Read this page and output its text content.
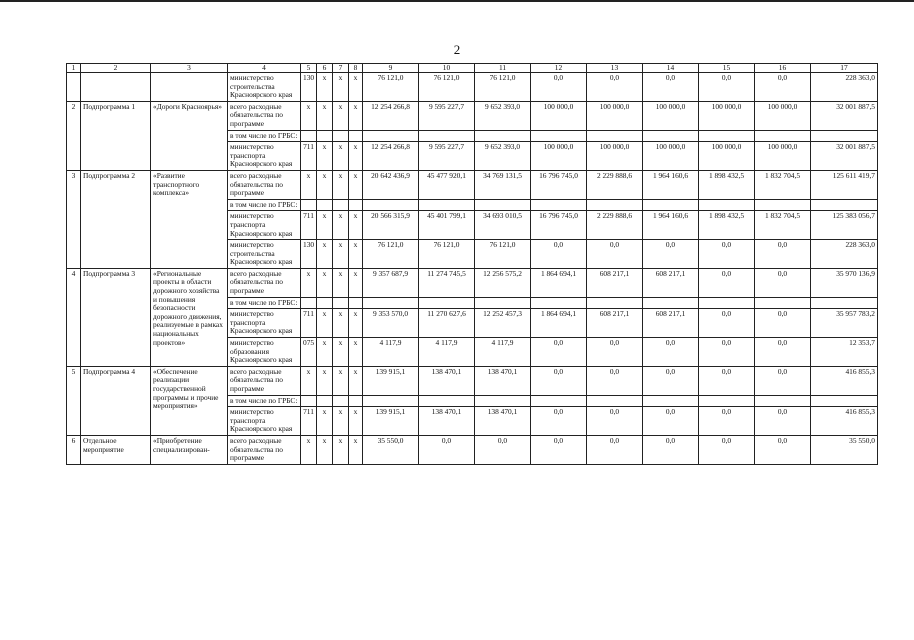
2
1	2	3	4	5	6	7	8	9	10	11	12	13	14	15	16	17
			министерство строительства Красноярского края	130	x	x	x	76 121,0	76 121,0	76 121,0	0,0	0,0	0,0	0,0	0,0	228 363,0
2	Подпрограмма 1	«Дороги Красноярья»	всего расходные обязательства по программе	x	x	x	x	12 254 266,8	9 595 227,7	9 652 393,0	100 000,0	100 000,0	100 000,0	100 000,0	100 000,0	32 001 887,5
			в том числе по ГРБС:													
			министерство транспорта Красноярского края	711	x	x	x	12 254 266,8	9 595 227,7	9 652 393,0	100 000,0	100 000,0	100 000,0	100 000,0	100 000,0	32 001 887,5
3	Подпрограмма 2	«Развитие транспортного комплекса»	всего расходные обязательства по программе	x	x	x	x	20 642 436,9	45 477 920,1	34 769 131,5	16 796 745,0	2 229 888,6	1 964 160,6	1 898 432,5	1 832 704,5	125 611 419,7
			в том числе по ГРБС:													
			министерство транспорта Красноярского края	711	x	x	x	20 566 315,9	45 401 799,1	34 693 010,5	16 796 745,0	2 229 888,6	1 964 160,6	1 898 432,5	1 832 704,5	125 383 056,7
			министерство строительства Красноярского края	130	x	x	x	76 121,0	76 121,0	76 121,0	0,0	0,0	0,0	0,0	0,0	228 363,0
4	Подпрограмма 3	«Региональные проекты в области дорожного хозяйства и повышения безопасности дорожного движения, реализуемые в рамках национальных проектов»	всего расходные обязательства по программе	x	x	x	x	9 357 687,9	11 274 745,5	12 256 575,2	1 864 694,1	608 217,1	608 217,1	0,0	0,0	35 970 136,9
			в том числе по ГРБС:													
			министерство транспорта Красноярского края	711	x	x	x	9 353 570,0	11 270 627,6	12 252 457,3	1 864 694,1	608 217,1	608 217,1	0,0	0,0	35 957 783,2
			министерство образования Красноярского края	075	x	x	x	4 117,9	4 117,9	4 117,9	0,0	0,0	0,0	0,0	0,0	12 353,7
5	Подпрограмма 4	«Обеспечение реализации государственной программы и прочие мероприятия»	всего расходные обязательства по программе	x	x	x	x	139 915,1	138 470,1	138 470,1	0,0	0,0	0,0	0,0	0,0	416 855,3
			в том числе по ГРБС:													
			министерство транспорта Красноярского края	711	x	x	x	139 915,1	138 470,1	138 470,1	0,0	0,0	0,0	0,0	0,0	416 855,3
6	Отдельное мероприятие	«Приобретение специализирован-	всего расходные обязательства по программе	x	x	x	x	35 550,0	0,0	0,0	0,0	0,0	0,0	0,0	0,0	35 550,0
